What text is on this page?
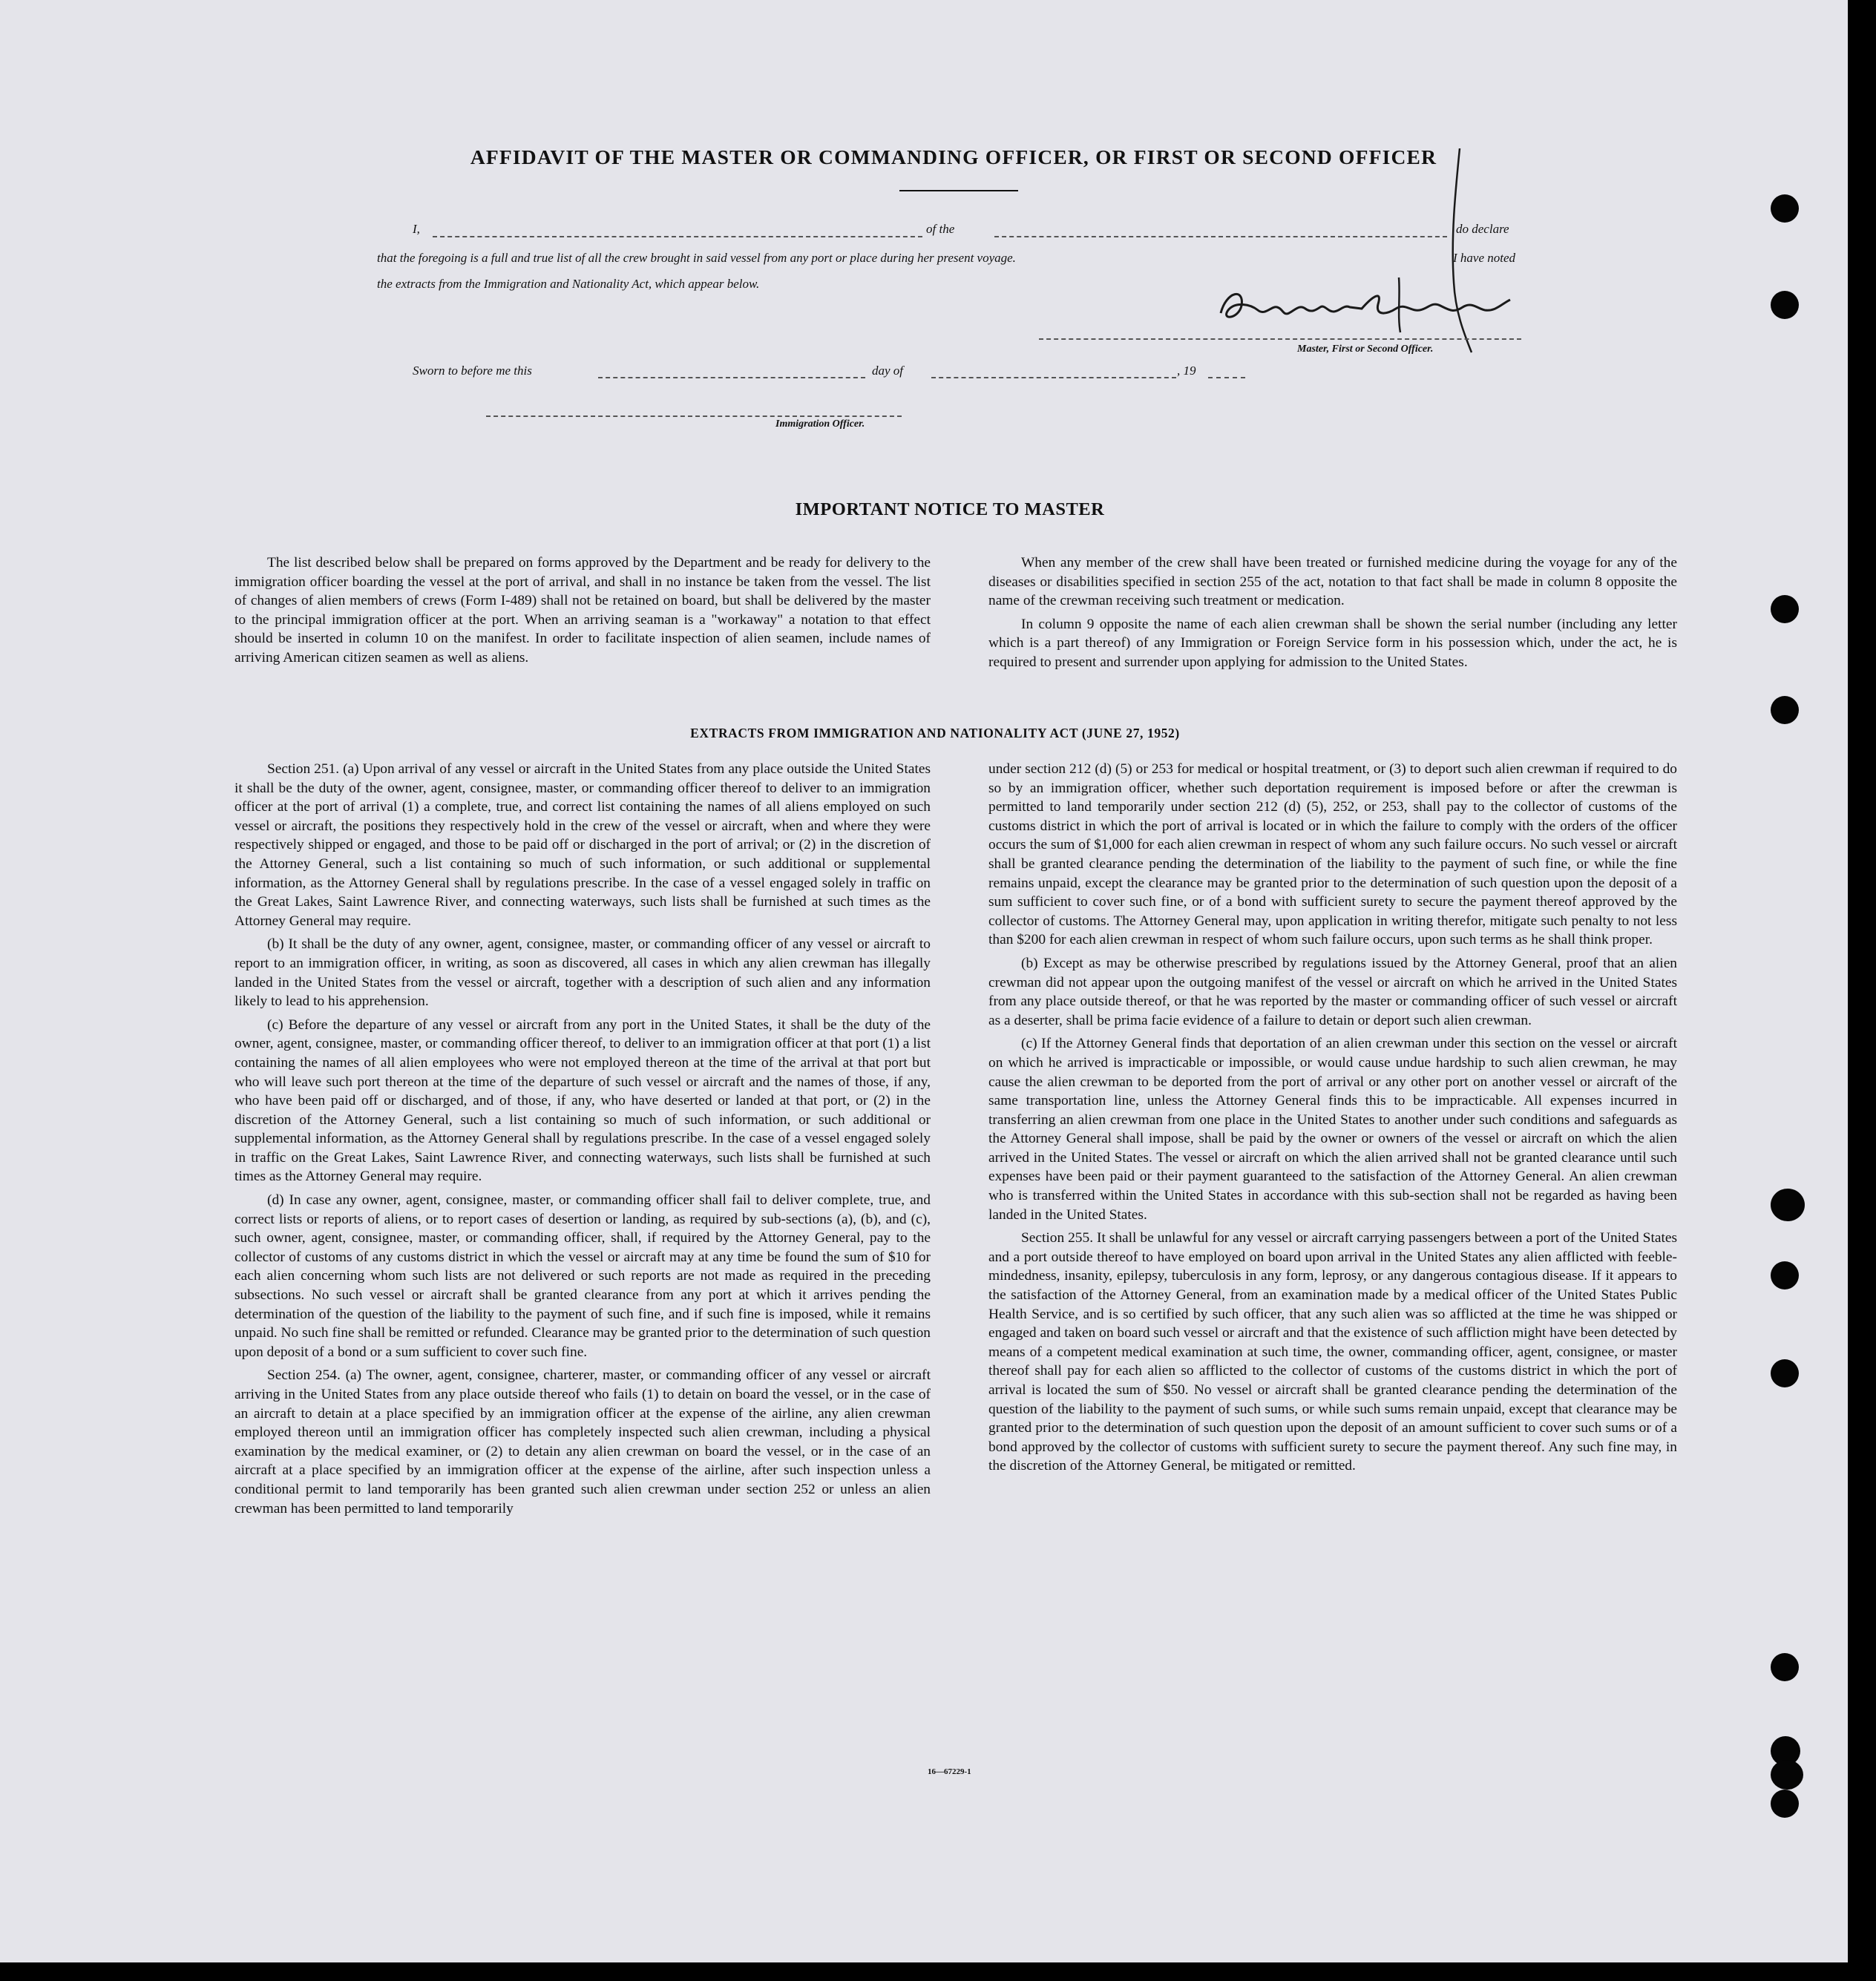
AFFIDAVIT OF THE MASTER OR COMMANDING OFFICER, OR FIRST OR SECOND OFFICER
I,	of the	do declare
that the foregoing is a full and true list of all the crew brought in said vessel from any port or place during her present voyage.	I have noted
the extracts from the Immigration and Nationality Act, which appear below.
Master, First or Second Officer.
Sworn to before me this	day of	, 19
Immigration Officer.
IMPORTANT NOTICE TO MASTER

The list described below shall be prepared on forms approved by the Department and be ready for delivery to the immigration officer boarding the vessel at the port of arrival, and shall in no instance be taken from the vessel. The list of changes of alien members of crews (Form I-489) shall not be retained on board, but shall be delivered by the master to the principal immigration officer at the port. When an arriving seaman is a "workaway" a notation to that effect should be inserted in column 10 on the manifest. In order to facilitate inspection of alien seamen, include names of arriving American citizen seamen as well as aliens.

When any member of the crew shall have been treated or furnished medicine during the voyage for any of the diseases or disabilities specified in section 255 of the act, notation to that fact shall be made in column 8 opposite the name of the crewman receiving such treatment or medication.

In column 9 opposite the name of each alien crewman shall be shown the serial number (including any letter which is a part thereof) of any Immigration or Foreign Service form in his possession which, under the act, he is required to present and surrender upon applying for admission to the United States.

EXTRACTS FROM IMMIGRATION AND NATIONALITY ACT (JUNE 27, 1952)

Section 251. (a) Upon arrival of any vessel or aircraft in the United States from any place outside the United States it shall be the duty of the owner, agent, consignee, master, or commanding officer thereof to deliver to an immigration officer at the port of arrival (1) a complete, true, and correct list containing the names of all aliens employed on such vessel or aircraft, the positions they respectively hold in the crew of the vessel or aircraft, when and where they were respectively shipped or engaged, and those to be paid off or discharged in the port of arrival; or (2) in the discretion of the Attorney General, such a list containing so much of such information, or such additional or supplemental information, as the Attorney General shall by regulations prescribe. In the case of a vessel engaged solely in traffic on the Great Lakes, Saint Lawrence River, and connecting waterways, such lists shall be furnished at such times as the Attorney General may require.

(b) It shall be the duty of any owner, agent, consignee, master, or commanding officer of any vessel or aircraft to report to an immigration officer, in writing, as soon as discovered, all cases in which any alien crewman has illegally landed in the United States from the vessel or aircraft, together with a description of such alien and any information likely to lead to his apprehension.

(c) Before the departure of any vessel or aircraft from any port in the United States, it shall be the duty of the owner, agent, consignee, master, or commanding officer thereof, to deliver to an immigration officer at that port (1) a list containing the names of all alien employees who were not employed thereon at the time of the arrival at that port but who will leave such port thereon at the time of the departure of such vessel or aircraft and the names of those, if any, who have been paid off or discharged, and of those, if any, who have deserted or landed at that port, or (2) in the discretion of the Attorney General, such a list containing so much of such information, or such additional or supplemental information, as the Attorney General shall by regulations prescribe. In the case of a vessel engaged solely in traffic on the Great Lakes, Saint Lawrence River, and connecting waterways, such lists shall be furnished at such times as the Attorney General may require.

(d) In case any owner, agent, consignee, master, or commanding officer shall fail to deliver complete, true, and correct lists or reports of aliens, or to report cases of desertion or landing, as required by sub-sections (a), (b), and (c), such owner, agent, consignee, master, or commanding officer, shall, if required by the Attorney General, pay to the collector of customs of any customs district in which the vessel or aircraft may at any time be found the sum of $10 for each alien concerning whom such lists are not delivered or such reports are not made as required in the preceding subsections. No such vessel or aircraft shall be granted clearance from any port at which it arrives pending the determination of the question of the liability to the payment of such fine, and if such fine is imposed, while it remains unpaid. No such fine shall be remitted or refunded. Clearance may be granted prior to the determination of such question upon deposit of a bond or a sum sufficient to cover such fine.

Section 254. (a) The owner, agent, consignee, charterer, master, or commanding officer of any vessel or aircraft arriving in the United States from any place outside thereof who fails (1) to detain on board the vessel, or in the case of an aircraft to detain at a place specified by an immigration officer at the expense of the airline, any alien crewman employed thereon until an immigration officer has completely inspected such alien crewman, including a physical examination by the medical examiner, or (2) to detain any alien crewman on board the vessel, or in the case of an aircraft at a place specified by an immigration officer at the expense of the airline, after such inspection unless a conditional permit to land temporarily has been granted such alien crewman under section 252 or unless an alien crewman has been permitted to land temporarily

under section 212 (d) (5) or 253 for medical or hospital treatment, or (3) to deport such alien crewman if required to do so by an immigration officer, whether such deportation requirement is imposed before or after the crewman is permitted to land temporarily under section 212 (d) (5), 252, or 253, shall pay to the collector of customs of the customs district in which the port of arrival is located or in which the failure to comply with the orders of the officer occurs the sum of $1,000 for each alien crewman in respect of whom any such failure occurs. No such vessel or aircraft shall be granted clearance pending the determination of the liability to the payment of such fine, or while the fine remains unpaid, except the clearance may be granted prior to the determination of such question upon the deposit of a sum sufficient to cover such fine, or of a bond with sufficient surety to secure the payment thereof approved by the collector of customs. The Attorney General may, upon application in writing therefor, mitigate such penalty to not less than $200 for each alien crewman in respect of whom such failure occurs, upon such terms as he shall think proper.

(b) Except as may be otherwise prescribed by regulations issued by the Attorney General, proof that an alien crewman did not appear upon the outgoing manifest of the vessel or aircraft on which he arrived in the United States from any place outside thereof, or that he was reported by the master or commanding officer of such vessel or aircraft as a deserter, shall be prima facie evidence of a failure to detain or deport such alien crewman.

(c) If the Attorney General finds that deportation of an alien crewman under this section on the vessel or aircraft on which he arrived is impracticable or impossible, or would cause undue hardship to such alien crewman, he may cause the alien crewman to be deported from the port of arrival or any other port on another vessel or aircraft of the same transportation line, unless the Attorney General finds this to be impracticable. All expenses incurred in transferring an alien crewman from one place in the United States to another under such conditions and safeguards as the Attorney General shall impose, shall be paid by the owner or owners of the vessel or aircraft on which the alien arrived in the United States. The vessel or aircraft on which the alien arrived shall not be granted clearance until such expenses have been paid or their payment guaranteed to the satisfaction of the Attorney General. An alien crewman who is transferred within the United States in accordance with this sub-section shall not be regarded as having been landed in the United States.

Section 255. It shall be unlawful for any vessel or aircraft carrying passengers between a port of the United States and a port outside thereof to have employed on board upon arrival in the United States any alien afflicted with feeble-mindedness, insanity, epilepsy, tuberculosis in any form, leprosy, or any dangerous contagious disease. If it appears to the satisfaction of the Attorney General, from an examination made by a medical officer of the United States Public Health Service, and is so certified by such officer, that any such alien was so afflicted at the time he was shipped or engaged and taken on board such vessel or aircraft and that the existence of such affliction might have been detected by means of a competent medical examination at such time, the owner, commanding officer, agent, consignee, or master thereof shall pay for each alien so afflicted to the collector of customs of the customs district in which the port of arrival is located the sum of $50. No vessel or aircraft shall be granted clearance pending the determination of the question of the liability to the payment of such sums, or while such sums remain unpaid, except that clearance may be granted prior to the determination of such question upon the deposit of an amount sufficient to cover such sums or of a bond approved by the collector of customs with sufficient surety to secure the payment thereof. Any such fine may, in the discretion of the Attorney General, be mitigated or remitted.

16—67229-1
